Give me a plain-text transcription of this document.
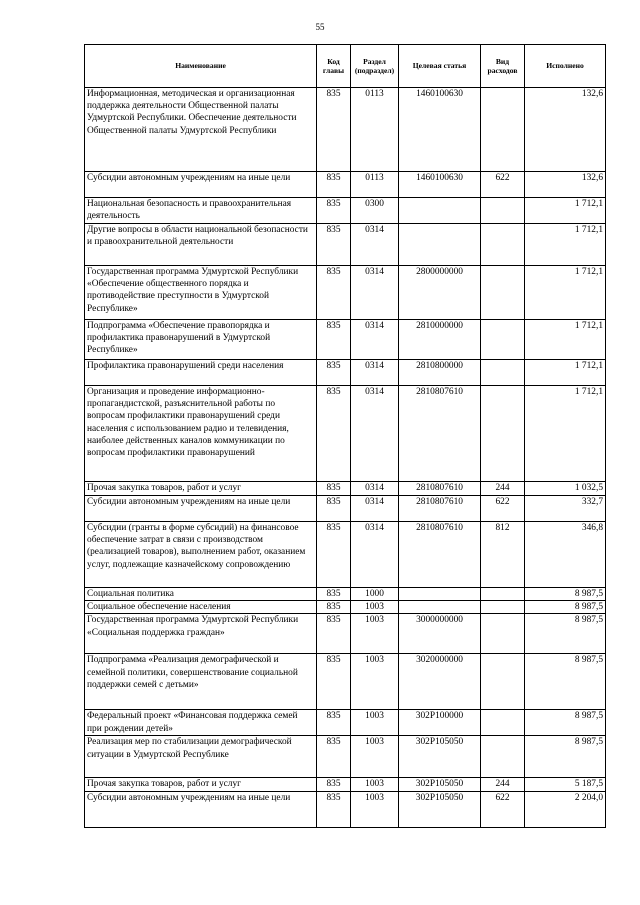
55
Наименование	Код главы	Раздел (подраздел)	Целевая статья	Вид расходов	Исполнено
Информационная, методическая и организационная поддержка деятельности Общественной палаты Удмуртской Республики. Обеспечение деятельности Общественной палаты Удмуртской Республики	835	0113	1460100630		132,6
Субсидии автономным учреждениям на иные цели	835	0113	1460100630	622	132,6
Национальная безопасность и правоохранительная деятельность	835	0300			1 712,1
Другие вопросы в области национальной безопасности и правоохранительной деятельности	835	0314			1 712,1
Государственная программа Удмуртской Республики «Обеспечение общественного порядка и противодействие преступности в Удмуртской Республике»	835	0314	2800000000		1 712,1
Подпрограмма «Обеспечение правопорядка и профилактика правонарушений в Удмуртской Республике»	835	0314	2810000000		1 712,1
Профилактика правонарушений среди населения	835	0314	2810800000		1 712,1
Организация и проведение информационно-пропагандистской, разъяснительной работы по вопросам профилактики правонарушений среди населения с использованием радио и телевидения, наиболее действенных каналов коммуникации по вопросам профилактики правонарушений	835	0314	2810807610		1 712,1
Прочая закупка товаров, работ и услуг	835	0314	2810807610	244	1 032,5
Субсидии автономным учреждениям на иные цели	835	0314	2810807610	622	332,7
Субсидии (гранты в форме субсидий) на финансовое обеспечение затрат в связи с производством (реализацией товаров), выполнением работ, оказанием услуг, подлежащие казначейскому сопровождению	835	0314	2810807610	812	346,8
Социальная политика	835	1000			8 987,5
Социальное обеспечение населения	835	1003			8 987,5
Государственная программа Удмуртской Республики «Социальная поддержка граждан»	835	1003	3000000000		8 987,5
Подпрограмма «Реализация демографической и семейной политики, совершенствование социальной поддержки семей с детьми»	835	1003	3020000000		8 987,5
Федеральный проект «Финансовая поддержка семей при рождении детей»	835	1003	302P100000		8 987,5
Реализация мер по стабилизации демографической ситуации в Удмуртской Республике	835	1003	302P105050		8 987,5
Прочая закупка товаров, работ и услуг	835	1003	302P105050	244	5 187,5
Субсидии автономным учреждениям на иные цели	835	1003	302P105050	622	2 204,0
